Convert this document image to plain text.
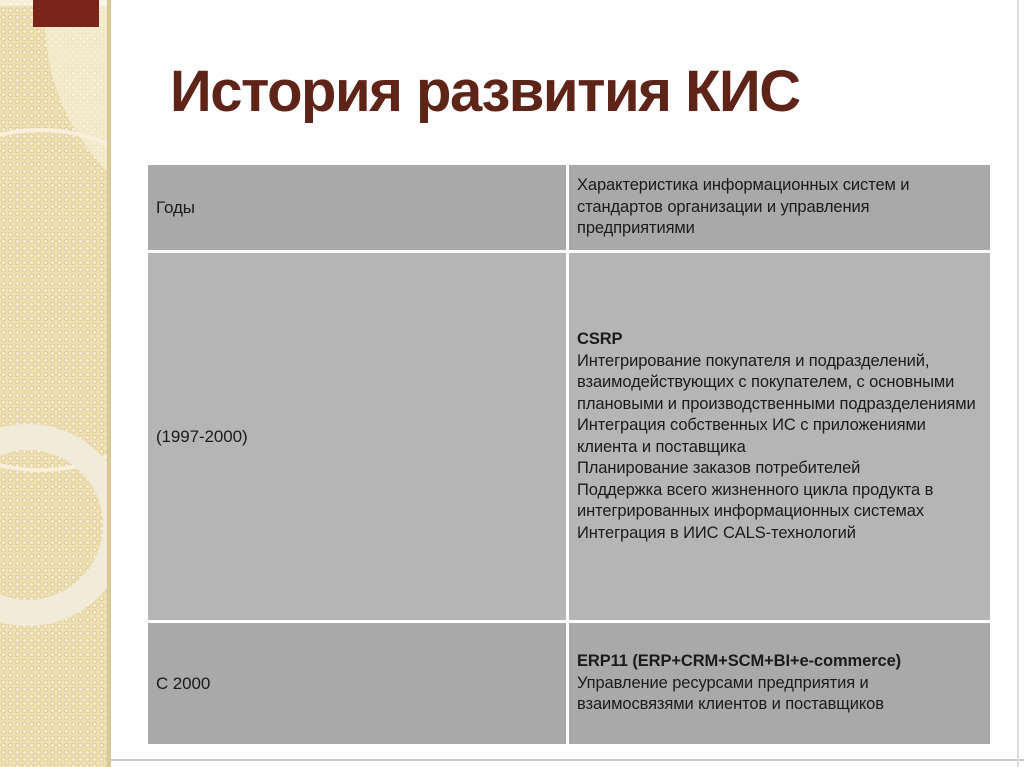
История развития КИС
Годы

Характеристика информационных систем и стандартов организации и управления предприятиями

(1997-2000)

CSRP

Интегрирование покупателя и подразделений, взаимодействующих с покупателем, с основными плановыми и производственными подразделениями

Интеграция собственных ИС с приложениями клиента и поставщика

Планирование заказов потребителей

Поддержка всего жизненного цикла продукта в интегрированных информационных системах

Интеграция в ИИС CALS-технологий

С 2000

ERP11 (ERP+CRM+SCM+BI+e-commerce)

Управление ресурсами предприятия и взаимосвязями клиентов и поставщиков
